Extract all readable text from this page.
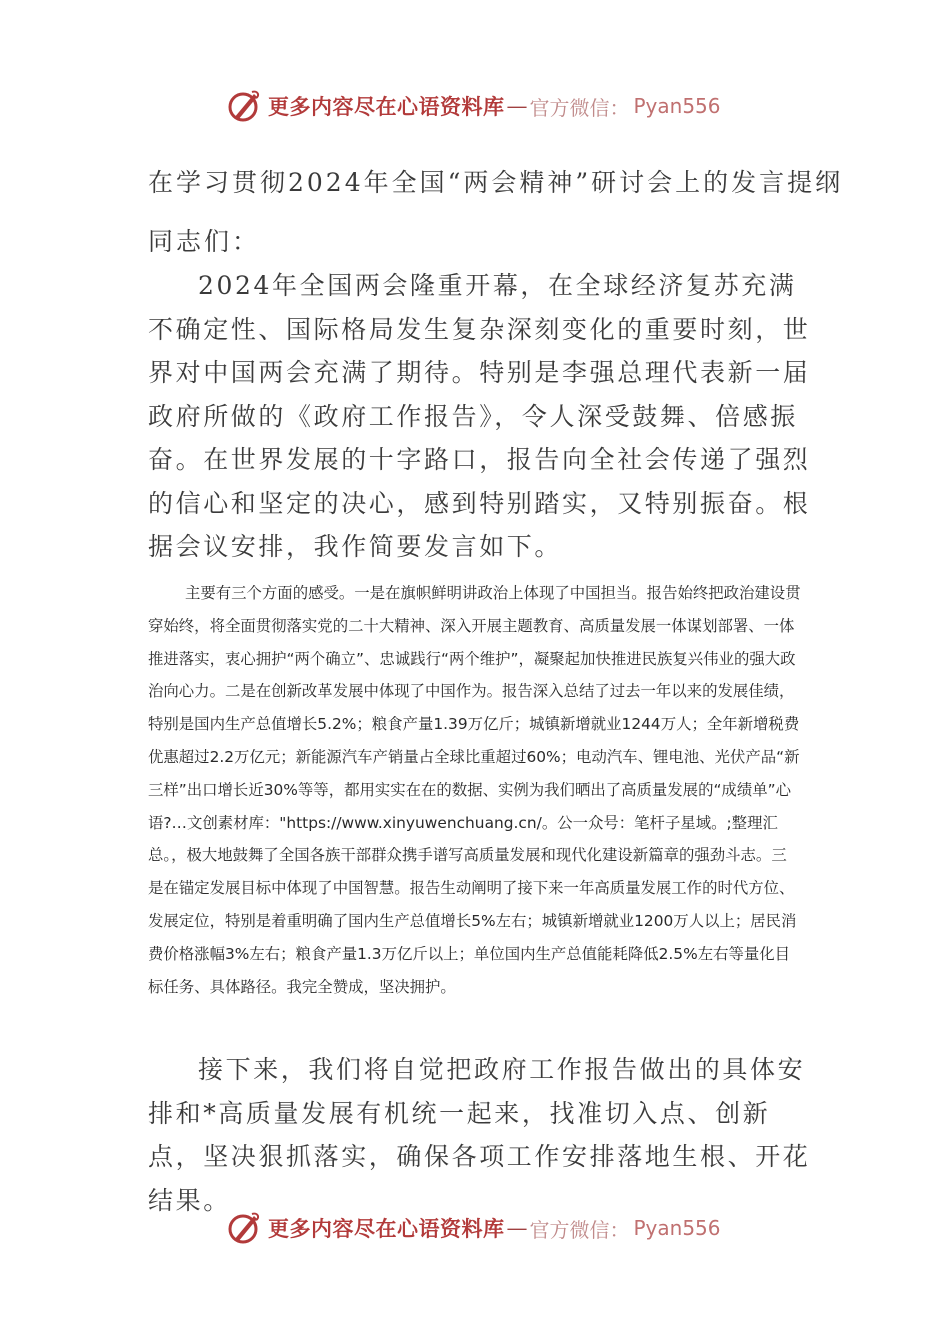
更多内容尽在心语资料库 — 官方微信： Pyan556
在学习贯彻2024年全国“两会精神”研讨会上的发言提纲
同志们：

2024年全国两会隆重开幕，在全球经济复苏充满不确定性、国际格局发生复杂深刻变化的重要时刻，世界对中国两会充满了期待。特别是李强总理代表新一届政府所做的《政府工作报告》，令人深受鼓舞、倍感振奋。在世界发展的十字路口，报告向全社会传递了强烈的信心和坚定的决心，感到特别踏实，又特别振奋。根据会议安排，我作简要发言如下。

主要有三个方面的感受。一是在旗帜鲜明讲政治上体现了中国担当。报告始终把政治建设贯穿始终，将全面贯彻落实党的二十大精神、深入开展主题教育、高质量发展一体谋划部署、一体推进落实，衷心拥护“两个确立”、忠诚践行“两个维护”，凝聚起加快推进民族复兴伟业的强大政治向心力。二是在创新改革发展中体现了中国作为。报告深入总结了过去一年以来的发展佳绩，特别是国内生产总值增长5.2%；粮食产量1.39万亿斤；城镇新增就业1244万人；全年新增税费优惠超过2.2万亿元；新能源汽车产销量占全球比重超过60%；电动汽车、锂电池、光伏产品“新三样”出口增长近30%等等，都用实实在在的数据、实例为我们晒出了高质量发展的“成绩单”心语?…文创素材库："https://www.xinyuwenchuang.cn/。公一众号：笔杆子星域。;整理汇总。，极大地鼓舞了全国各族干部群众携手谱写高质量发展和现代化建设新篇章的强劲斗志。三是在锚定发展目标中体现了中国智慧。报告生动阐明了接下来一年高质量发展工作的时代方位、发展定位，特别是着重明确了国内生产总值增长5%左右；城镇新增就业1200万人以上；居民消费价格涨幅3%左右；粮食产量1.3万亿斤以上；单位国内生产总值能耗降低2.5%左右等量化目标任务、具体路径。我完全赞成，坚决拥护。

接下来，我们将自觉把政府工作报告做出的具体安排和*高质量发展有机统一起来，找准切入点、创新点，坚决狠抓落实，确保各项工作安排落地生根、开花结果。

更多内容尽在心语资料库 — 官方微信： Pyan556
